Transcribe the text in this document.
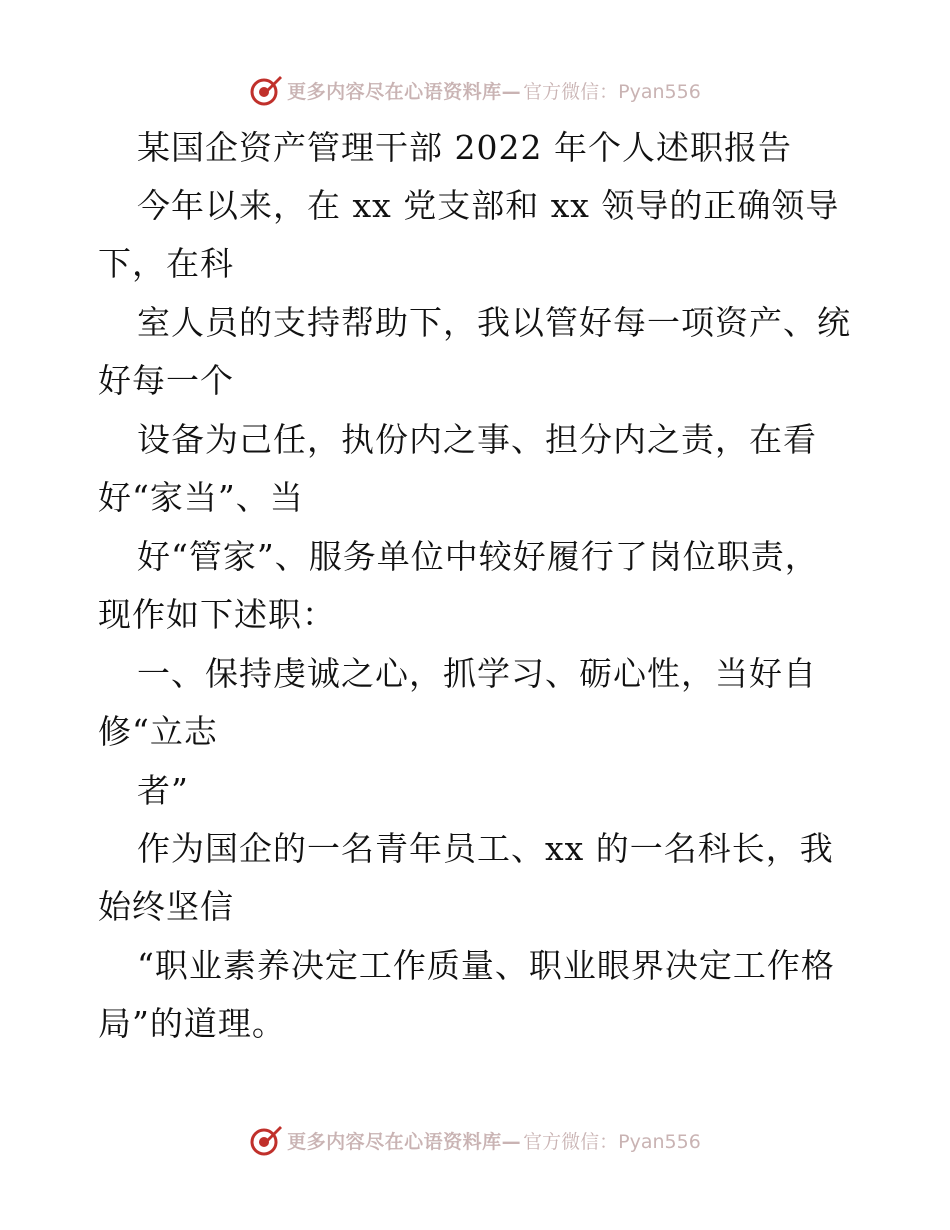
更多内容尽在心语资料库— 官方微信：Pyan556
某国企资产管理干部 2022 年个人述职报告
今年以来，在 xx 党支部和 xx 领导的正确领导
下，在科
室人员的支持帮助下，我以管好每一项资产、统
好每一个
设备为己任，执份内之事、担分内之责，在看
好“家当”、当
好“管家”、服务单位中较好履行了岗位职责，
现作如下述职：
一、保持虔诚之心，抓学习、砺心性，当好自
修“立志
者”
作为国企的一名青年员工、xx 的一名科长，我
始终坚信
“职业素养决定工作质量、职业眼界决定工作格
局”的道理。
更多内容尽在心语资料库— 官方微信：Pyan556
